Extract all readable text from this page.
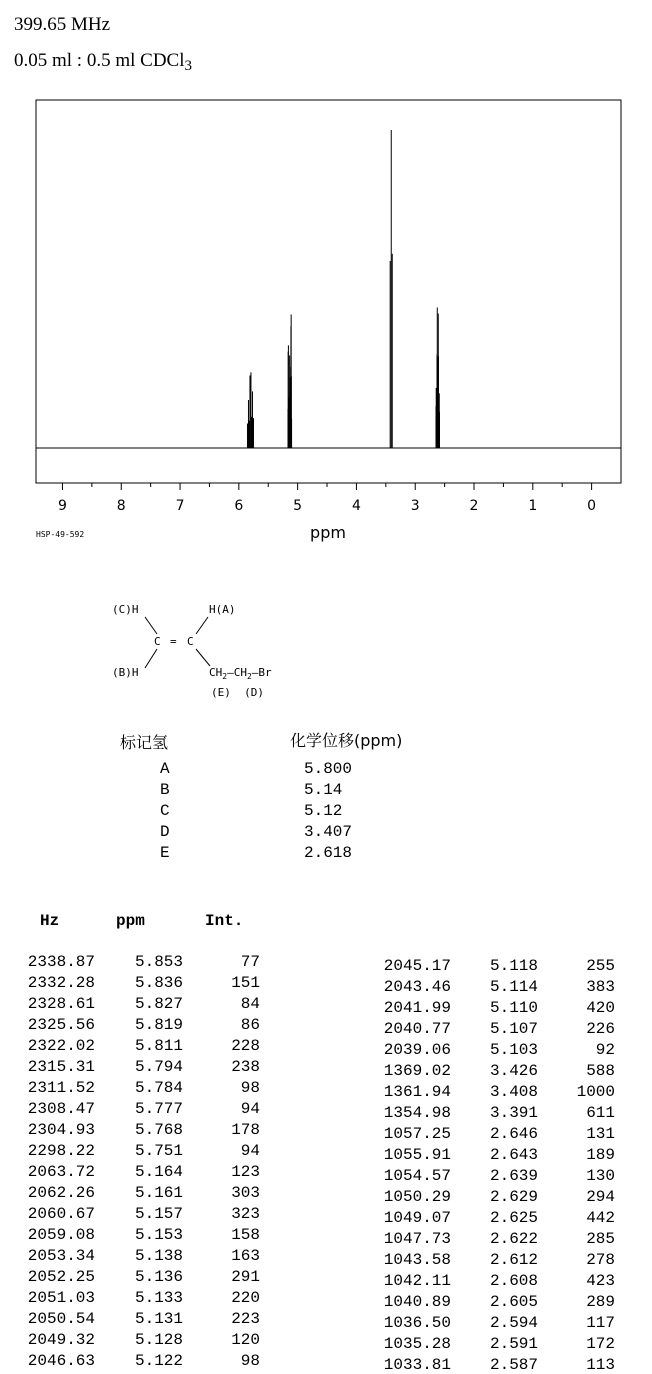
399.65 MHz
0.05 ml : 0.5 ml CDCl$_3$
9	8	7	6	5	4	3	2	1	0
ppm
HSP-49-592
(C)H	H(A)
(B)H
C = C
$CH_2—CH_2—Br$
(E)  (D)
标记氢	化学位移(ppm)
A	5.800
B	5.14
C	5.12
D	3.407
E	2.618
Hz	ppm	Int.
2338.87	5.853	77
2332.28	5.836	151
2328.61	5.827	84
2325.56	5.819	86
2322.02	5.811	228
2315.31	5.794	238
2311.52	5.784	98
2308.47	5.777	94
2304.93	5.768	178
2298.22	5.751	94
2063.72	5.164	123
2062.26	5.161	303
2060.67	5.157	323
2059.08	5.153	158
2053.34	5.138	163
2052.25	5.136	291
2051.03	5.133	220
2050.54	5.131	223
2049.32	5.128	120
2046.63	5.122	98
2045.17	5.118	255
2043.46	5.114	383
2041.99	5.110	420
2040.77	5.107	226
2039.06	5.103	92
1369.02	3.426	588
1361.94	3.408	1000
1354.98	3.391	611
1057.25	2.646	131
1055.91	2.643	189
1054.57	2.639	130
1050.29	2.629	294
1049.07	2.625	442
1047.73	2.622	285
1043.58	2.612	278
1042.11	2.608	423
1040.89	2.605	289
1036.50	2.594	117
1035.28	2.591	172
1033.81	2.587	113
